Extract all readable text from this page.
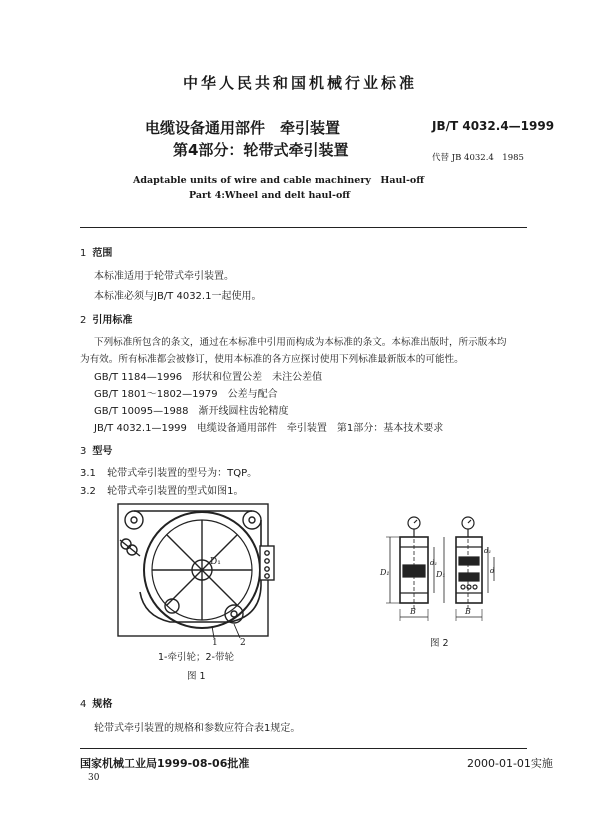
中华人民共和国机械行业标准
电缆设备通用部件　牵引装置
第4部分：轮带式牵引装置
JB/T 4032.4—1999
代替 JB 4032.4　1985
Adaptable units of wire and cable machinery　Haul-off
Part 4:Wheel and delt haul-off
1 范围
本标准适用于轮带式牵引装置。
本标准必须与JB/T 4032.1一起使用。
2 引用标准
下列标准所包含的条文，通过在本标准中引用而构成为本标准的条文。本标准出版时，所示版本均
为有效。所有标准都会被修订，使用本标准的各方应探讨使用下列标准最新版本的可能性。
GB/T 1184—1996　形状和位置公差　未注公差值
GB/T 1801～1802—1979　公差与配合
GB/T 10095—1988　渐开线圆柱齿轮精度
JB/T 4032.1—1999　电缆设备通用部件　牵引装置　第1部分：基本技术要求
3 型号
3.1 轮带式牵引装置的型号为：TQP。
3.2 轮带式牵引装置的型式如图1。
D₁
1 2
1-牵引轮；2-带轮
图 1
D₁
d₁
D₁
d₁
d
B	B
图 2
4 规格
轮带式牵引装置的规格和参数应符合表1规定。
国家机械工业局1999-08-06批准	2000-01-01实施
30
